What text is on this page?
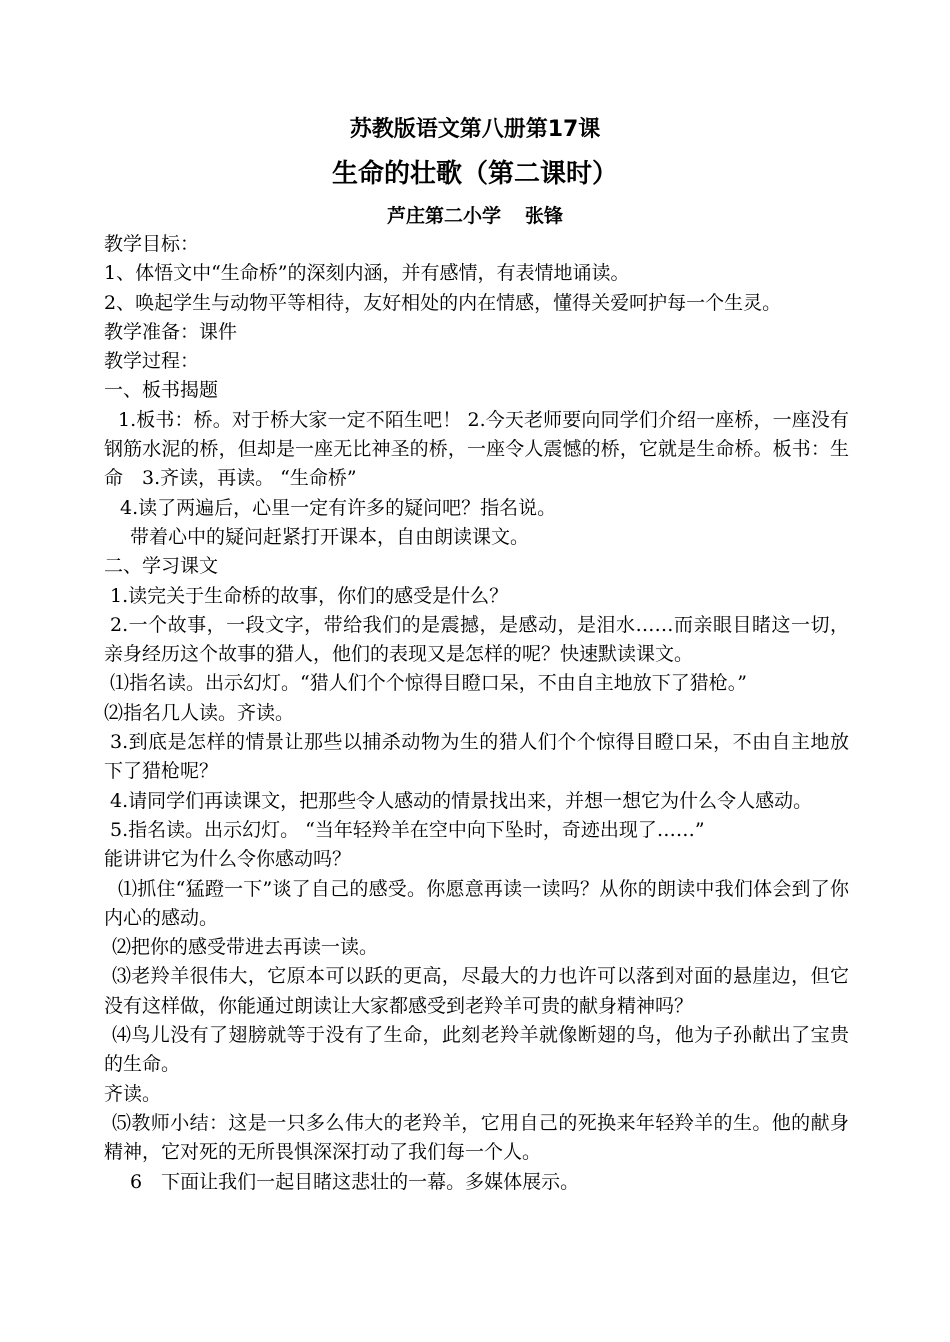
苏教版语文第八册第17课
生命的壮歌（第二课时）
芦庄第二小学 张锋

教学目标：

1、体悟文中“生命桥”的深刻内涵，并有感情，有表情地诵读。

2、唤起学生与动物平等相待，友好相处的内在情感，懂得关爱呵护每一个生灵。

教学准备：课件

教学过程：

一、板书揭题

1.板书：桥。对于桥大家一定不陌生吧！ 2.今天老师要向同学们介绍一座桥，一座没有钢筋水泥的桥，但却是一座无比神圣的桥，一座令人震憾的桥，它就是生命桥。板书：生命　3.齐读，再读。 “生命桥”

4.读了两遍后，心里一定有许多的疑问吧？指名说。

带着心中的疑问赶紧打开课本，自由朗读课文。

二、学习课文

1.读完关于生命桥的故事，你们的感受是什么？

2.一个故事，一段文字，带给我们的是震撼，是感动，是泪水……而亲眼目睹这一切，亲身经历这个故事的猎人，他们的表现又是怎样的呢？快速默读课文。

⑴指名读。出示幻灯。“猎人们个个惊得目瞪口呆，不由自主地放下了猎枪。”

⑵指名几人读。齐读。

3.到底是怎样的情景让那些以捕杀动物为生的猎人们个个惊得目瞪口呆，不由自主地放下了猎枪呢？

4.请同学们再读课文，把那些令人感动的情景找出来，并想一想它为什么令人感动。

5.指名读。出示幻灯。 “当年轻羚羊在空中向下坠时，奇迹出现了……”

能讲讲它为什么令你感动吗？

⑴抓住“猛蹬一下”谈了自己的感受。你愿意再读一读吗？从你的朗读中我们体会到了你内心的感动。

⑵把你的感受带进去再读一读。

⑶老羚羊很伟大，它原本可以跃的更高，尽最大的力也许可以落到对面的悬崖边，但它没有这样做，你能通过朗读让大家都感受到老羚羊可贵的献身精神吗？

⑷鸟儿没有了翅膀就等于没有了生命，此刻老羚羊就像断翅的鸟，他为子孙献出了宝贵的生命。

齐读。

⑸教师小结：这是一只多么伟大的老羚羊，它用自己的死换来年轻羚羊的生。他的献身精神，它对死的无所畏惧深深打动了我们每一个人。

6　下面让我们一起目睹这悲壮的一幕。多媒体展示。
